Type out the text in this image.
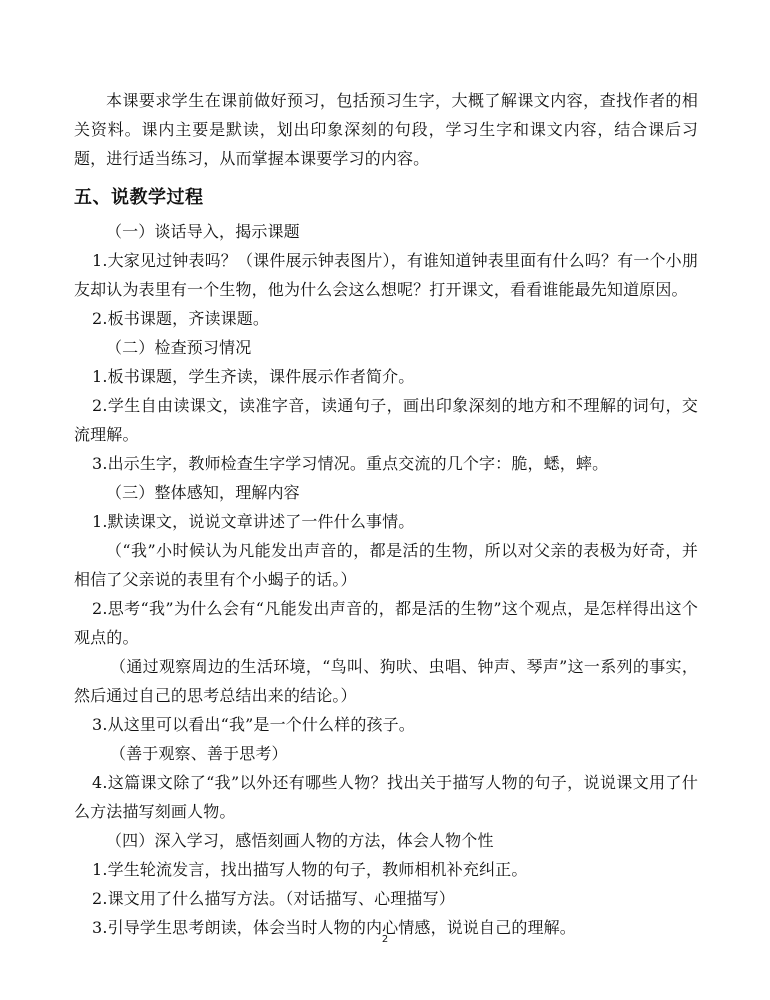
本课要求学生在课前做好预习，包括预习生字，大概了解课文内容，查找作者的相关资料。课内主要是默读，划出印象深刻的句段，学习生字和课文内容，结合课后习题，进行适当练习，从而掌握本课要学习的内容。

五、说教学过程

（一）谈话导入，揭示课题

1.大家见过钟表吗？（课件展示钟表图片），有谁知道钟表里面有什么吗？有一个小朋友却认为表里有一个生物，他为什么会这么想呢？打开课文，看看谁能最先知道原因。

2.板书课题，齐读课题。

（二）检查预习情况

1.板书课题，学生齐读，课件展示作者简介。

2.学生自由读课文，读准字音，读通句子，画出印象深刻的地方和不理解的词句，交流理解。

3.出示生字，教师检查生字学习情况。重点交流的几个字：脆，蟋，蟀。

（三）整体感知，理解内容

1.默读课文，说说文章讲述了一件什么事情。

（“我”小时候认为凡能发出声音的，都是活的生物，所以对父亲的表极为好奇，并相信了父亲说的表里有个小蝎子的话。）

2.思考“我”为什么会有“凡能发出声音的，都是活的生物”这个观点，是怎样得出这个观点的。

（通过观察周边的生活环境，“鸟叫、狗吠、虫唱、钟声、琴声”这一系列的事实，然后通过自己的思考总结出来的结论。）

3.从这里可以看出“我”是一个什么样的孩子。

（善于观察、善于思考）

4.这篇课文除了“我”以外还有哪些人物？找出关于描写人物的句子，说说课文用了什么方法描写刻画人物。

（四）深入学习，感悟刻画人物的方法，体会人物个性

1.学生轮流发言，找出描写人物的句子，教师相机补充纠正。

2.课文用了什么描写方法。（对话描写、心理描写）

3.引导学生思考朗读，体会当时人物的内心情感，说说自己的理解。

2
